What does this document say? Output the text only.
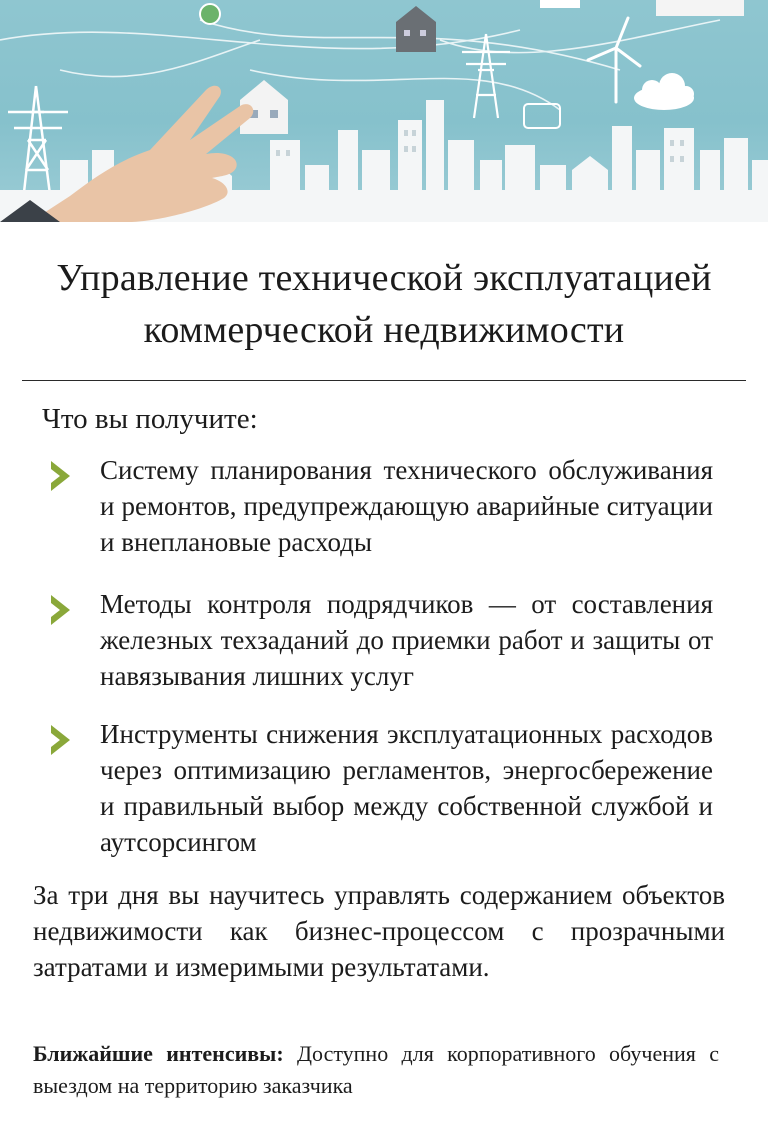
Управление технической эксплуатацией
коммерческой недвижимости
Что вы получите:
Систему планирования технического обслуживания и ремонтов, предупреждающую аварийные ситуации и внеплановые расходы
Методы контроля подрядчиков — от составления железных техзаданий до приемки работ и защиты от навязывания лишних услуг
Инструменты снижения эксплуатационных расходов через оптимизацию регламентов, энергосбережение и правильный выбор между собственной службой и аутсорсингом
За три дня вы научитесь управлять содержанием объектов недвижимости как бизнес-процессом с прозрачными затратами и измеримыми результатами.
Ближайшие интенсивы: Доступно для корпоративного обучения с выездом на территорию заказчика
